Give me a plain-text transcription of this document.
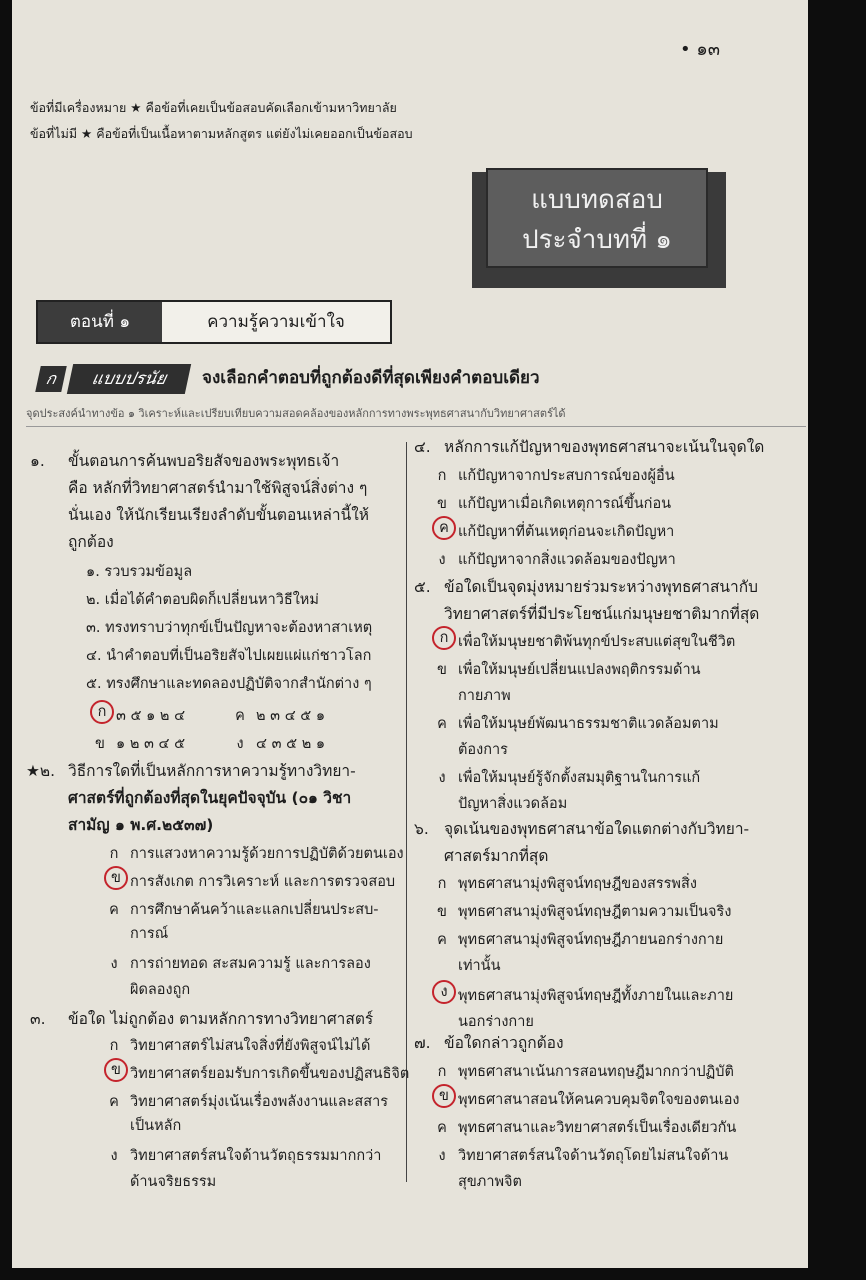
• ๑๓
ข้อที่มีเครื่องหมาย ★ คือข้อที่เคยเป็นข้อสอบคัดเลือกเข้ามหาวิทยาลัย
ข้อที่ไม่มี ★ คือข้อที่เป็นเนื้อหาตามหลักสูตร แต่ยังไม่เคยออกเป็นข้อสอบ
แบบทดสอบ
ประจำบทที่ ๑
ตอนที่ ๑	ความรู้ความเข้าใจ
ก	แบบปรนัย	จงเลือกคำตอบที่ถูกต้องดีที่สุดเพียงคำตอบเดียว
จุดประสงค์นำทางข้อ ๑ วิเคราะห์และเปรียบเทียบความสอดคล้องของหลักการทางพระพุทธศาสนากับวิทยาศาสตร์ได้
๑. ขั้นตอนการค้นพบอริยสัจของพระพุทธเจ้า
คือ หลักที่วิทยาศาสตร์นำมาใช้พิสูจน์สิ่งต่าง ๆ
นั่นเอง ให้นักเรียนเรียงลำดับขั้นตอนเหล่านี้ให้
ถูกต้อง
๑. รวบรวมข้อมูล
๒. เมื่อได้คำตอบผิดก็เปลี่ยนหาวิธีใหม่
๓. ทรงทราบว่าทุกข์เป็นปัญหาจะต้องหาสาเหตุ
๔. นำคำตอบที่เป็นอริยสัจไปเผยแผ่แก่ชาวโลก
๕. ทรงศึกษาและทดลองปฏิบัติจากสำนักต่าง ๆ
ก ๓ ๕ ๑ ๒ ๔	ค ๒ ๓ ๔ ๕ ๑
ข ๑ ๒ ๓ ๔ ๕	ง ๔ ๓ ๕ ๒ ๑
★๒. วิธีการใดที่เป็นหลักการหาความรู้ทางวิทยา-
ศาสตร์ที่ถูกต้องที่สุดในยุคปัจจุบัน (๐๑ วิชา
สามัญ ๑ พ.ศ.๒๕๓๗)
ก การแสวงหาความรู้ด้วยการปฏิบัติด้วยตนเอง
ข การสังเกต การวิเคราะห์ และการตรวจสอบ
ค การศึกษาค้นคว้าและแลกเปลี่ยนประสบ-
การณ์
ง การถ่ายทอด สะสมความรู้ และการลอง
ผิดลองถูก
๓. ข้อใด ไม่ถูกต้อง ตามหลักการทางวิทยาศาสตร์
ก วิทยาศาสตร์ไม่สนใจสิ่งที่ยังพิสูจน์ไม่ได้
ข วิทยาศาสตร์ยอมรับการเกิดขึ้นของปฏิสนธิจิต
ค วิทยาศาสตร์มุ่งเน้นเรื่องพลังงานและสสาร
เป็นหลัก
ง วิทยาศาสตร์สนใจด้านวัตถุธรรมมากกว่า
ด้านจริยธรรม
๔. หลักการแก้ปัญหาของพุทธศาสนาจะเน้นในจุดใด
ก แก้ปัญหาจากประสบการณ์ของผู้อื่น
ข แก้ปัญหาเมื่อเกิดเหตุการณ์ขึ้นก่อน
ค แก้ปัญหาที่ต้นเหตุก่อนจะเกิดปัญหา
ง แก้ปัญหาจากสิ่งแวดล้อมของปัญหา
๕. ข้อใดเป็นจุดมุ่งหมายร่วมระหว่างพุทธศาสนากับ
วิทยาศาสตร์ที่มีประโยชน์แก่มนุษยชาติมากที่สุด
ก เพื่อให้มนุษยชาติพ้นทุกข์ประสบแต่สุขในชีวิต
ข เพื่อให้มนุษย์เปลี่ยนแปลงพฤติกรรมด้าน
กายภาพ
ค เพื่อให้มนุษย์พัฒนาธรรมชาติแวดล้อมตาม
ต้องการ
ง เพื่อให้มนุษย์รู้จักตั้งสมมุติฐานในการแก้
ปัญหาสิ่งแวดล้อม
๖. จุดเน้นของพุทธศาสนาข้อใดแตกต่างกับวิทยา-
ศาสตร์มากที่สุด
ก พุทธศาสนามุ่งพิสูจน์ทฤษฎีของสรรพสิ่ง
ข พุทธศาสนามุ่งพิสูจน์ทฤษฎีตามความเป็นจริง
ค พุทธศาสนามุ่งพิสูจน์ทฤษฎีภายนอกร่างกาย
เท่านั้น
ง พุทธศาสนามุ่งพิสูจน์ทฤษฎีทั้งภายในและภาย
นอกร่างกาย
๗. ข้อใดกล่าวถูกต้อง
ก พุทธศาสนาเน้นการสอนทฤษฎีมากกว่าปฏิบัติ
ข พุทธศาสนาสอนให้คนควบคุมจิตใจของตนเอง
ค พุทธศาสนาและวิทยาศาสตร์เป็นเรื่องเดียวกัน
ง วิทยาศาสตร์สนใจด้านวัตถุโดยไม่สนใจด้าน
สุขภาพจิต
